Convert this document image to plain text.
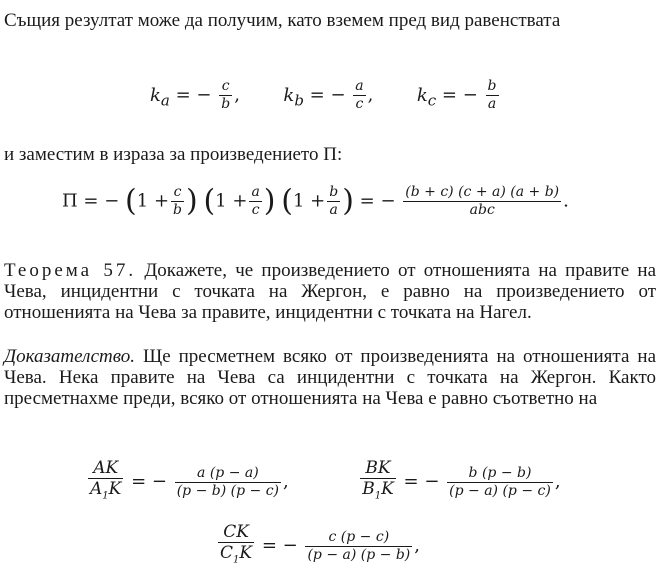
Същия резултат може да получим, като вземем пред вид равенствата
$k_a$ = − $\frac{c}{b}$ , $k_b$ = − $\frac{a}{c}$ , $k_c$ = − $\frac{b}{a}$
и заместим в израза за произведението П:
П = − ($1 + \frac{c}{b}$ ) ($1 + \frac{a}{c}$ ) ($1 + \frac{b}{a}$ ) = − $\frac{(b + c) (c + a) (a + b)}{\text{abc}}$ .
Теорема 57. Докажете, че произведението от отношенията на правите на Чева, инцидентни с точката на Жергон, е равно на произведението от отношенията на Чева за правите, инцидентни с точката на Нагел.
Доказателство. Ще пресметнем всяко от произведенията на отношенията на Чева. Нека правите на Чева са инцидентни с точката на Жергон. Както пресметнахме преди, всяко от отношенията на Чева е равно съответно на
$\frac{AK}{A_1K}$ = − $\frac{a (p - a)}{(p - b) (p - c)}$ ,	$\frac{BK}{B_1K}$ = − $\frac{b (p - b)}{(p - a) (p - c)}$ ,
$\frac{CK}{C_1K}$ = − $\frac{c (p - c)}{(p - a) (p - b)}$ ,
